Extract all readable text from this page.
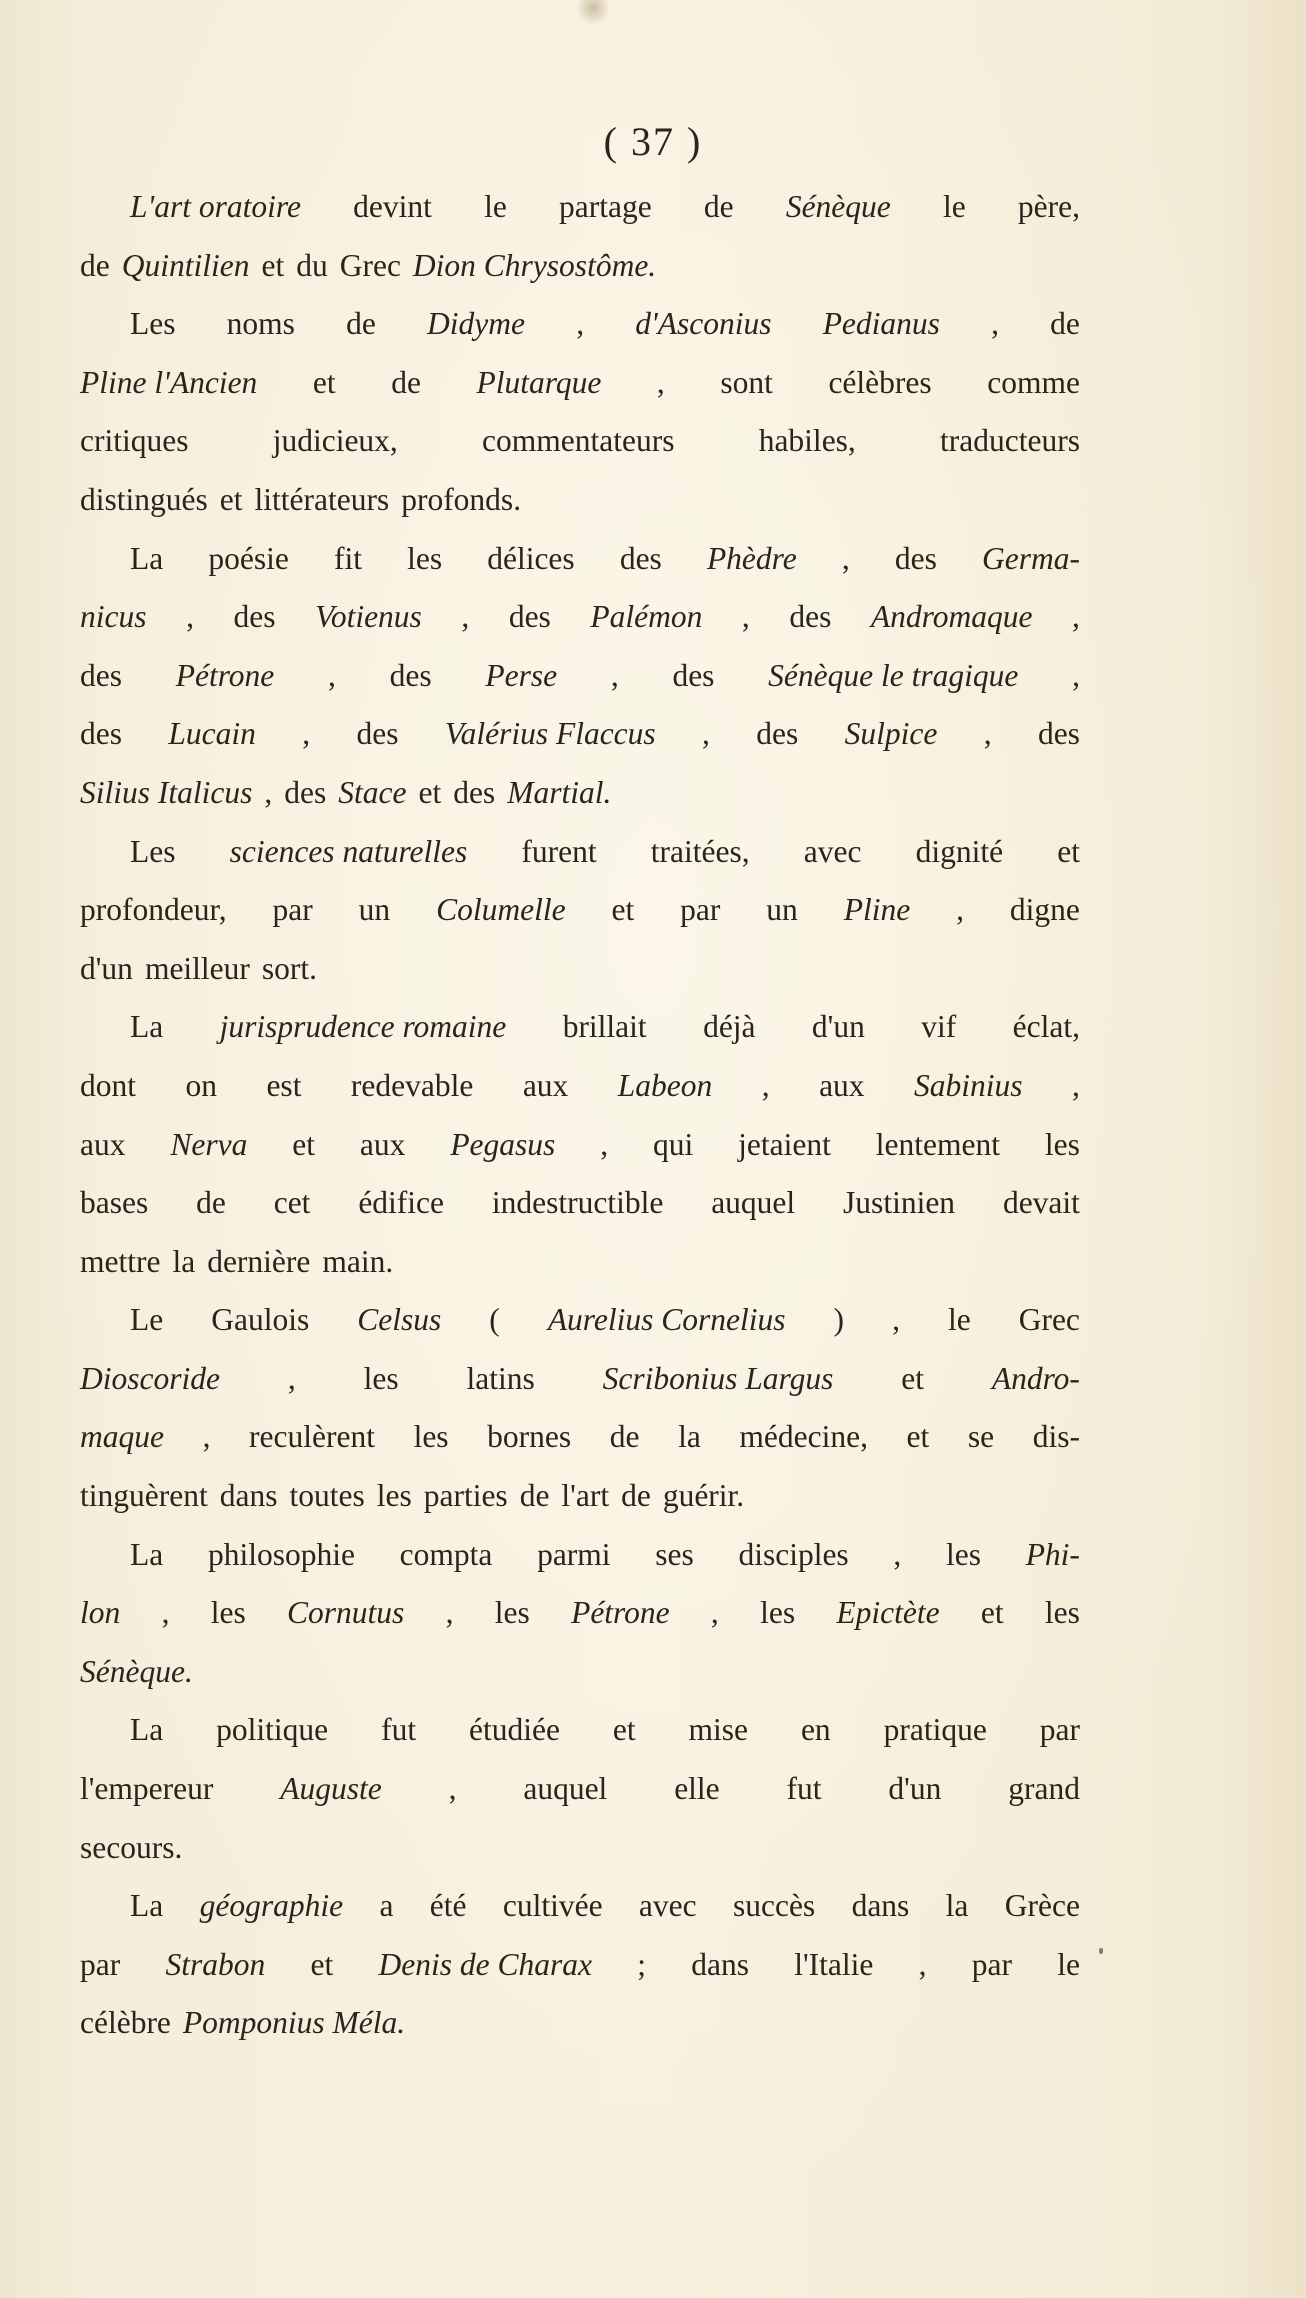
( 37 )
L'art oratoire devint le partage de Sénèque le père,
de Quintilien et du Grec Dion Chrysostôme.
Les noms de Didyme , d'Asconius Pedianus , de
Pline l'Ancien et de Plutarque , sont célèbres comme
critiques	judicieux,	commentateurs	habiles,	traducteurs
distingués et littérateurs profonds.
La poésie fit les délices des Phèdre , des Germa-
nicus , des Votienus , des Palémon , des Andromaque ,
des Pétrone , des Perse , des Sénèque le tragique ,
des Lucain , des Valérius Flaccus , des Sulpice , des
Silius Italicus , des Stace et des Martial.
Les sciences naturelles furent traitées, avec dignité et
profondeur, par un Columelle et par un Pline , digne
d'un meilleur sort.
La jurisprudence romaine brillait déjà d'un vif éclat,
dont on est redevable aux Labeon , aux Sabinius ,
aux Nerva et aux Pegasus , qui jetaient lentement les
bases de cet édifice indestructible auquel Justinien devait
mettre la dernière main.
Le Gaulois Celsus ( Aurelius Cornelius ) , le Grec
Dioscoride , les latins Scribonius Largus et Andro-
maque , reculèrent les bornes de la médecine, et se dis-
tinguèrent dans toutes les parties de l'art de guérir.
La philosophie compta parmi ses disciples , les Phi-
lon , les Cornutus , les Pétrone , les Epictète et les
Sénèque.
La politique fut étudiée et mise en pratique par
l'empereur Auguste , auquel elle fut d'un grand
secours.
La géographie a été cultivée avec succès dans la Grèce
par Strabon et Denis de Charax ; dans l'Italie , par le
célèbre Pomponius Méla.
